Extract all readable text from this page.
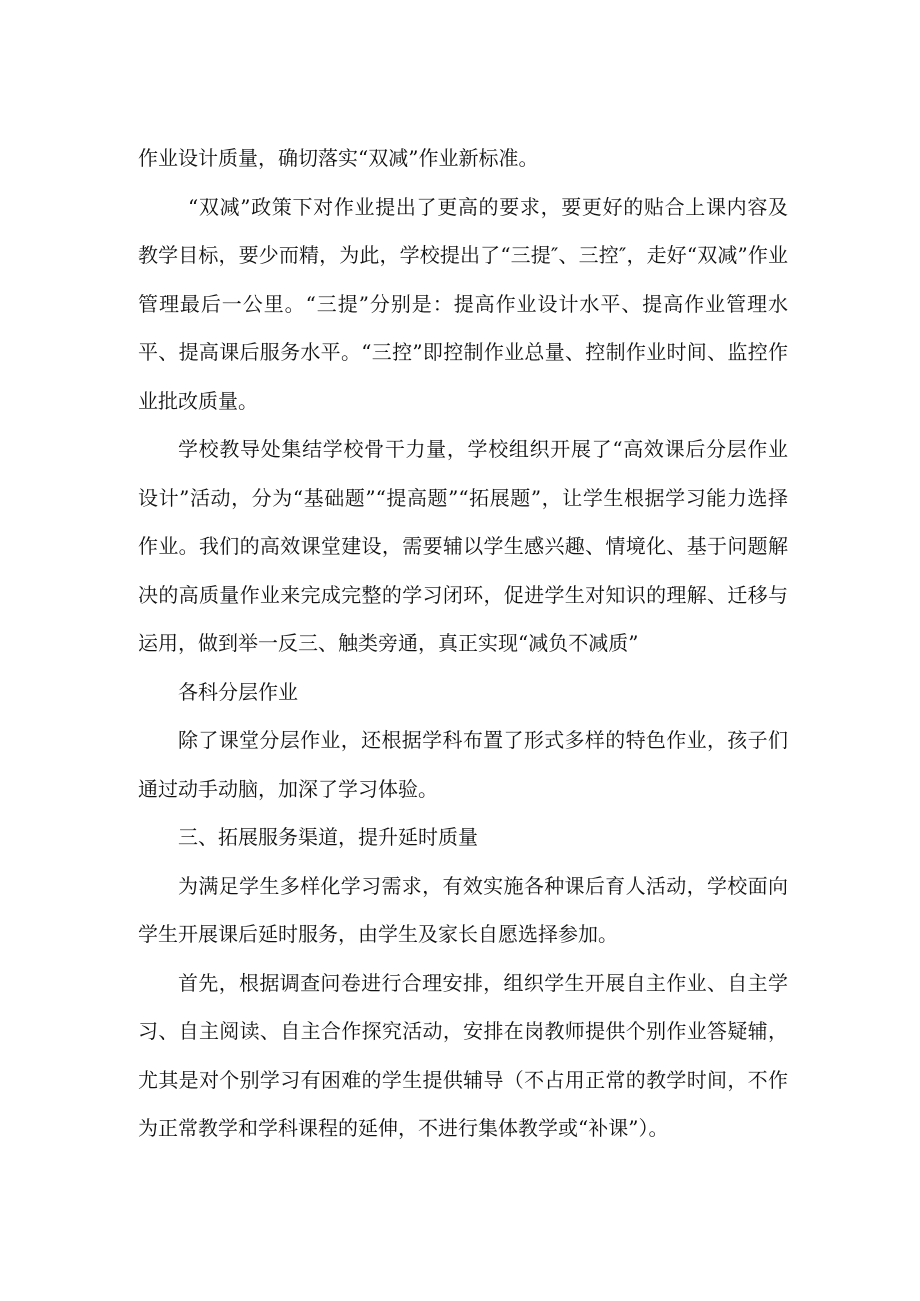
作业设计质量，确切落实“双减”作业新标准。

“双减”政策下对作业提出了更高的要求，要更好的贴合上课内容及教学目标，要少而精，为此，学校提出了“三提″、三控″，走好“双减”作业管理最后一公里。“三提”分别是：提高作业设计水平、提高作业管理水平、提高课后服务水平。“三控”即控制作业总量、控制作业时间、监控作业批改质量。

学校教导处集结学校骨干力量，学校组织开展了“高效课后分层作业设计”活动，分为“基础题”“提高题”“拓展题”，让学生根据学习能力选择作业。我们的高效课堂建设，需要辅以学生感兴趣、情境化、基于问题解决的高质量作业来完成完整的学习闭环，促进学生对知识的理解、迁移与运用，做到举一反三、触类旁通，真正实现“减负不减质”

各科分层作业

除了课堂分层作业，还根据学科布置了形式多样的特色作业，孩子们通过动手动脑，加深了学习体验。

三、拓展服务渠道，提升延时质量

为满足学生多样化学习需求，有效实施各种课后育人活动，学校面向学生开展课后延时服务，由学生及家长自愿选择参加。

首先，根据调查问卷进行合理安排，组织学生开展自主作业、自主学习、自主阅读、自主合作探究活动，安排在岗教师提供个别作业答疑辅，尤其是对个别学习有困难的学生提供辅导（不占用正常的教学时间，不作为正常教学和学科课程的延伸，不进行集体教学或“补课”）。
